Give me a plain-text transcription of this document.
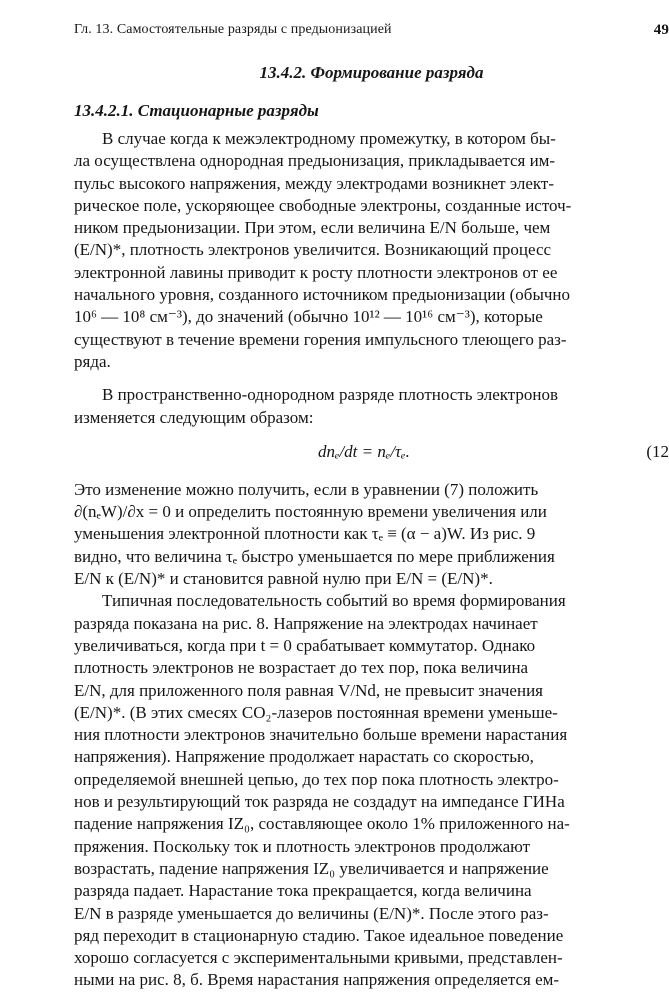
Гл. 13. Самостоятельные разряды с предыонизацией	49
13.4.2. Формирование разряда
13.4.2.1. Стационарные разряды
В случае когда к межэлектродному промежутку, в котором бы-
ла осуществлена однородная предыонизация, прикладывается им-
пульс высокого напряжения, между электродами возникнет элект-
рическое поле, ускоряющее свободные электроны, созданные источ-
ником предыонизации. При этом, если величина E/N больше, чем
(E/N)*, плотность электронов увеличится. Возникающий процесс
электронной лавины приводит к росту плотности электронов от ее
начального уровня, созданного источником предыонизации (обычно
10⁶ — 10⁸ см⁻³), до значений (обычно 10¹² — 10¹⁶ см⁻³), которые
существуют в течение времени горения импульсного тлеющего раз-
ряда.
В пространственно-однородном разряде плотность электронов
изменяется следующим образом:
dnₑ/dt = nₑ/τₑ.	(12
Это изменение можно получить, если в уравнении (7) положить
∂(nₑW)/∂x = 0 и определить постоянную времени увеличения или
уменьшения электронной плотности как τₑ ≡ (α − a)W. Из рис. 9
видно, что величина τₑ быстро уменьшается по мере приближения
E/N к (E/N)* и становится равной нулю при E/N = (E/N)*.
Типичная последовательность событий во время формирования
разряда показана на рис. 8. Напряжение на электродах начинает
увеличиваться, когда при t = 0 срабатывает коммутатор. Однако
плотность электронов не возрастает до тех пор, пока величина
E/N, для приложенного поля равная V/Nd, не превысит значения
(E/N)*. (В этих смесях CO₂-лазеров постоянная времени уменьше-
ния плотности электронов значительно больше времени нарастания
напряжения). Напряжение продолжает нарастать со скоростью,
определяемой внешней цепью, до тех пор пока плотность электро-
нов и результирующий ток разряда не создадут на импедансе ГИНа
падение напряжения IZ₀, составляющее около 1% приложенного на-
пряжения. Поскольку ток и плотность электронов продолжают
возрастать, падение напряжения IZ₀ увеличивается и напряжение
разряда падает. Нарастание тока прекращается, когда величина
E/N в разряде уменьшается до величины (E/N)*. После этого раз-
ряд переходит в стационарную стадию. Такое идеальное поведение
хорошо согласуется с экспериментальными кривыми, представлен-
ными на рис. 8, б. Время нарастания напряжения определяется ем-
